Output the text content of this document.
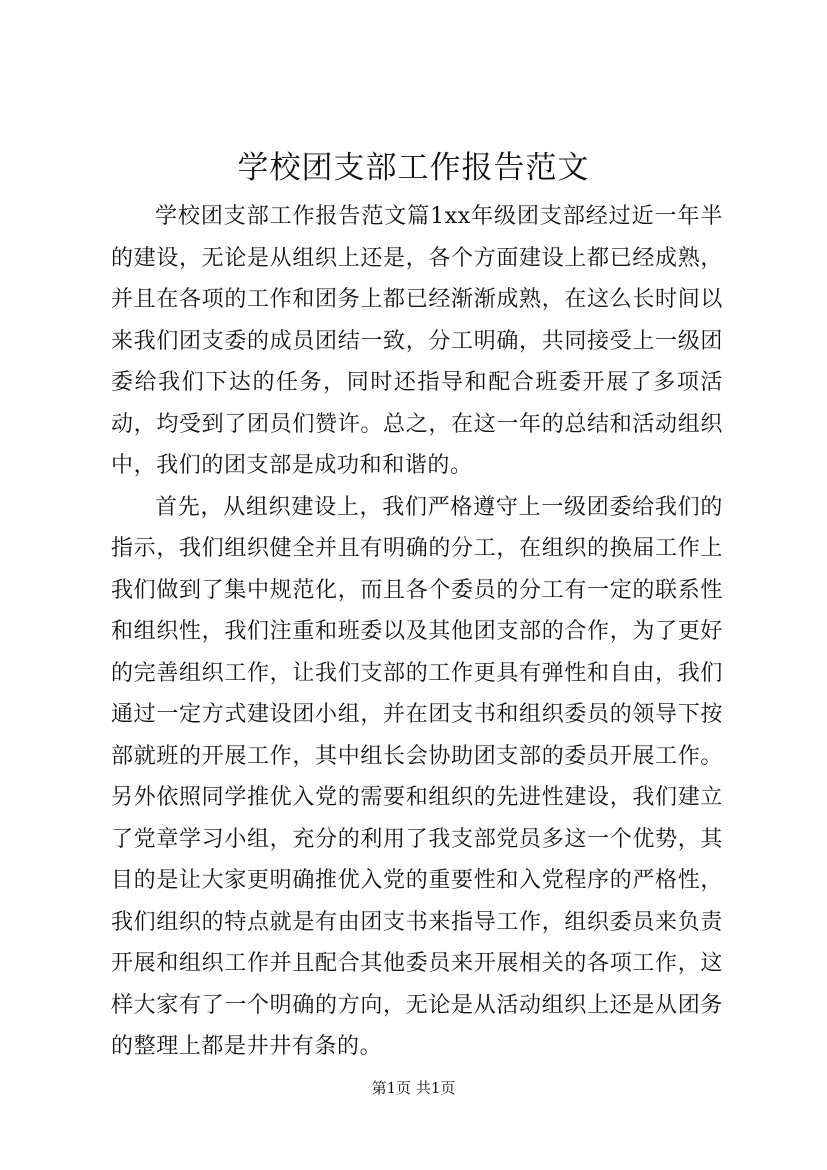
学校团支部工作报告范文

学校团支部工作报告范文篇1xx年级团支部经过近一年半的建设，无论是从组织上还是，各个方面建设上都已经成熟，并且在各项的工作和团务上都已经渐渐成熟，在这么长时间以来我们团支委的成员团结一致，分工明确，共同接受上一级团委给我们下达的任务，同时还指导和配合班委开展了多项活动，均受到了团员们赞许。总之，在这一年的总结和活动组织中，我们的团支部是成功和和谐的。

首先，从组织建设上，我们严格遵守上一级团委给我们的指示，我们组织健全并且有明确的分工，在组织的换届工作上我们做到了集中规范化，而且各个委员的分工有一定的联系性和组织性，我们注重和班委以及其他团支部的合作，为了更好的完善组织工作，让我们支部的工作更具有弹性和自由，我们通过一定方式建设团小组，并在团支书和组织委员的领导下按部就班的开展工作，其中组长会协助团支部的委员开展工作。另外依照同学推优入党的需要和组织的先进性建设，我们建立了党章学习小组，充分的利用了我支部党员多这一个优势，其目的是让大家更明确推优入党的重要性和入党程序的严格性，我们组织的特点就是有由团支书来指导工作，组织委员来负责开展和组织工作并且配合其他委员来开展相关的各项工作，这样大家有了一个明确的方向，无论是从活动组织上还是从团务的整理上都是井井有条的。

第1页 共1页
